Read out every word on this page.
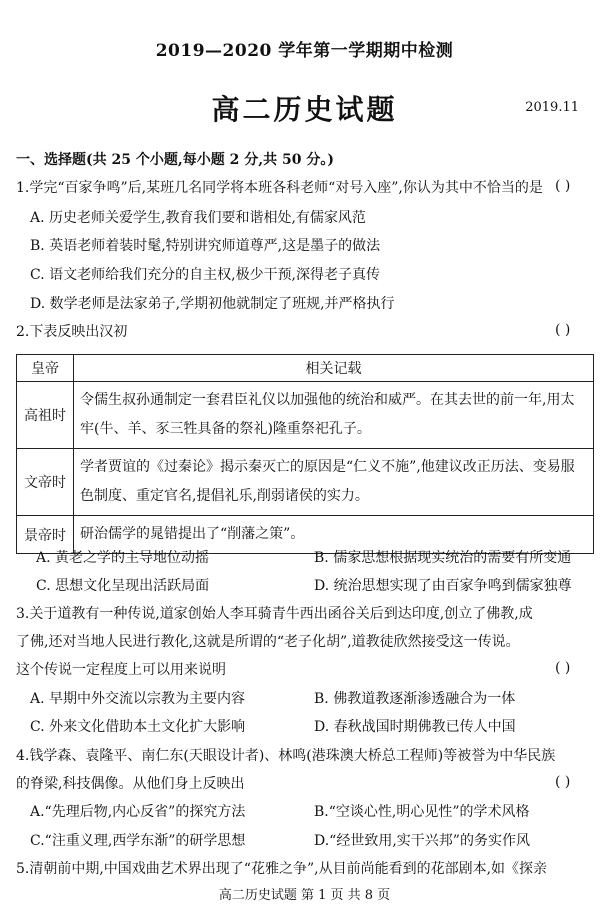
2019—2020 学年第一学期期中检测
高二历史试题	2019.11
一、选择题(共 25 个小题,每小题 2 分,共 50 分。)
1.学完“百家争鸣”后,某班几名同学将本班各科老师“对号入座”,你认为其中不恰当的是 ( )
A. 历史老师关爱学生,教育我们要和谐相处,有儒家风范
B. 英语老师着装时髦,特别讲究师道尊严,这是墨子的做法
C. 语文老师给我们充分的自主权,极少干预,深得老子真传
D. 数学老师是法家弟子,学期初他就制定了班规,并严格执行
2.下表反映出汉初	( )
皇帝	相关记载
高祖时	令儒生叔孙通制定一套君臣礼仪以加强他的统治和威严。在其去世的前一年,用太牢(牛、羊、豕三牲具备的祭礼)隆重祭祀孔子。
文帝时	学者贾谊的《过秦论》揭示秦灭亡的原因是“仁义不施”,他建议改正历法、变易服色制度、重定官名,提倡礼乐,削弱诸侯的实力。
景帝时	研治儒学的晁错提出了“削藩之策”。
A. 黄老之学的主导地位动摇	B. 儒家思想根据现实统治的需要有所变通
C. 思想文化呈现出活跃局面	D. 统治思想实现了由百家争鸣到儒家独尊
3.关于道教有一种传说,道家创始人李耳骑青牛西出函谷关后到达印度,创立了佛教,成
了佛,还对当地人民进行教化,这就是所谓的“老子化胡”,道教徒欣然接受这一传说。
这个传说一定程度上可以用来说明	( )
A. 早期中外交流以宗教为主要内容	B. 佛教道教逐渐渗透融合为一体
C. 外来文化借助本土文化扩大影响	D. 春秋战国时期佛教已传人中国
4.钱学森、袁隆平、南仁东(天眼设计者)、林鸣(港珠澳大桥总工程师)等被誉为中华民族
的脊梁,科技偶像。从他们身上反映出	( )
A.“先理后物,内心反省”的探究方法	B.“空谈心性,明心见性”的学术风格
C.“注重义理,西学东渐”的研学思想	D.“经世致用,实干兴邦”的务实作风
5.清朝前中期,中国戏曲艺术界出现了“花雅之争”,从目前尚能看到的花部剧本,如《探亲
高二历史试题 第 1 页 共 8 页
